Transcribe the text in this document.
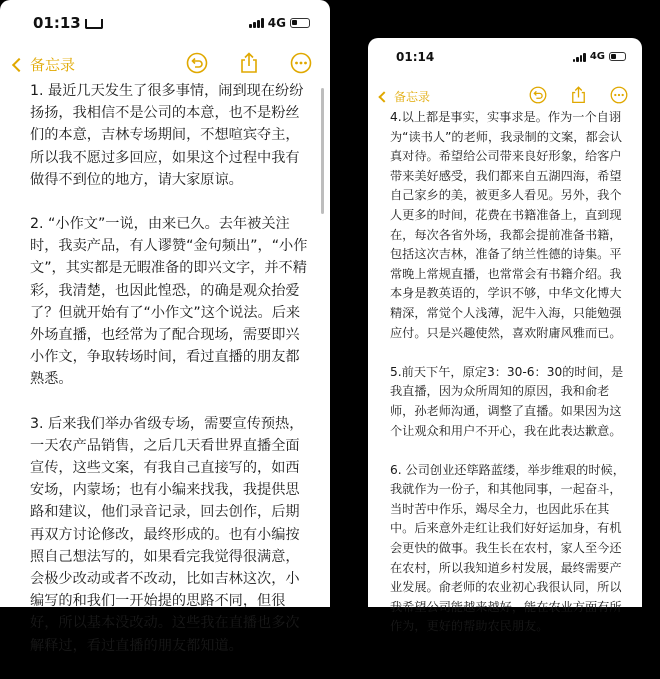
01:13	4G
备忘录

1. 最近几天发生了很多事情，闹到现在纷纷扬扬，我相信不是公司的本意，也不是粉丝们的本意，吉林专场期间，不想喧宾夺主，所以我不愿过多回应，如果这个过程中我有做得不到位的地方，请大家原谅。

2. “小作文”一说，由来已久。去年被关注时，我卖产品，有人谬赞“金句频出”，“小作文”，其实都是无暇准备的即兴文字，并不精彩，我清楚，也因此惶恐，的确是观众抬爱了？但就开始有了“小作文”这个说法。后来外场直播，也经常为了配合现场，需要即兴小作文，争取转场时间，看过直播的朋友都熟悉。

3. 后来我们举办省级专场，需要宣传预热，一天农产品销售，之后几天看世界直播全面宣传，这些文案，有我自己直接写的，如西安场，内蒙场；也有小编来找我，我提供思路和建议，他们录音记录，回去创作，后期再双方讨论修改，最终形成的。也有小编按照自己想法写的，如果看完我觉得很满意，会极少改动或者不改动，比如吉林这次，小编写的和我们一开始提的思路不同，但很好，所以基本没改动。这些我在直播也多次解释过，看过直播的朋友都知道。

01:14	4G
备忘录

4.以上都是事实，实事求是。作为一个自诩为“读书人”的老师，我录制的文案，都会认真对待。希望给公司带来良好形象，给客户带来美好感受，我们都来自五湖四海，希望自己家乡的美，被更多人看见。另外，我个人更多的时间，花费在书籍准备上，直到现在，每次各省外场，我都会提前准备书籍，包括这次吉林，准备了纳兰性德的诗集。平常晚上常规直播，也常常会有书籍介绍。我本身是教英语的，学识不够，中华文化博大精深，常觉个人浅薄，泥牛入海，只能勉强应付。只是兴趣使然，喜欢附庸风雅而已。

5.前天下午，原定3：30-6：30的时间，是我直播，因为众所周知的原因，我和俞老师，孙老师沟通，调整了直播。如果因为这个让观众和用户不开心，我在此表达歉意。

6. 公司创业还筚路蓝缕，举步维艰的时候，我就作为一份子，和其他同事，一起奋斗，当时苦中作乐，竭尽全力，也因此乐在其中。后来意外走红让我们好好运加身，有机会更快的做事。我生长在农村，家人至今还在农村，所以我知道乡村发展，最终需要产业发展。俞老师的农业初心我很认同，所以我希望公司能越来越好，能在农业方面有所作为，更好的帮助农民朋友。
